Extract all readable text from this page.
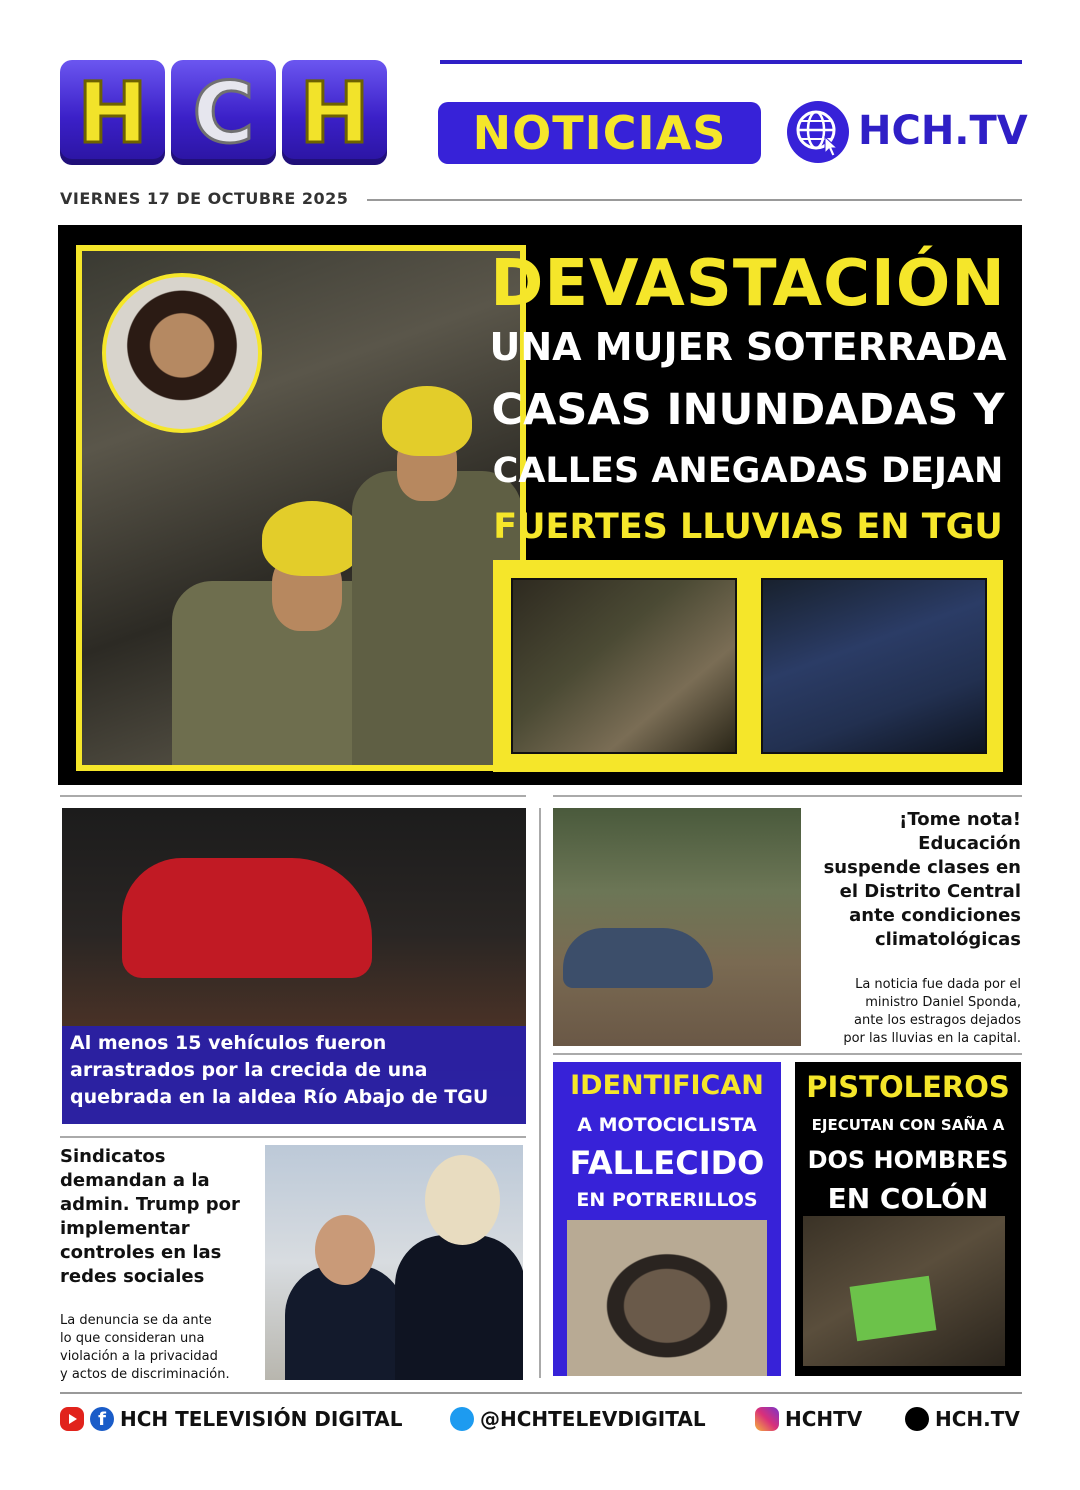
H C H NOTICIAS	HCH.TV
VIERNES 17 DE OCTUBRE 2025
DEVASTACIÓN
UNA MUJER SOTERRADA
CASAS INUNDADAS Y
CALLES ANEGADAS DEJAN
FUERTES LLUVIAS EN TGU
Al menos 15 vehículos fueron
arrastrados por la crecida de una
quebrada en la aldea Río Abajo de TGU
¡Tome nota!
Educación
suspende clases en
el Distrito Central
ante condiciones
climatológicas
La noticia fue dada por el
ministro Daniel Sponda,
ante los estragos dejados
por las lluvias en la capital.
Sindicatos
demandan a la
admin. Trump por
implementar
controles en las
redes sociales
La denuncia se da ante
lo que consideran una
violación a la privacidad
y actos de discriminación.
IDENTIFICAN
A MOTOCICLISTA
FALLECIDO
EN POTRERILLOS
PISTOLEROS
EJECUTAN CON SAÑA A
DOS HOMBRES
EN COLÓN
f HCH TELEVISIÓN DIGITAL	@HCHTELEVDIGITAL	HCHTV	HCH.TV
